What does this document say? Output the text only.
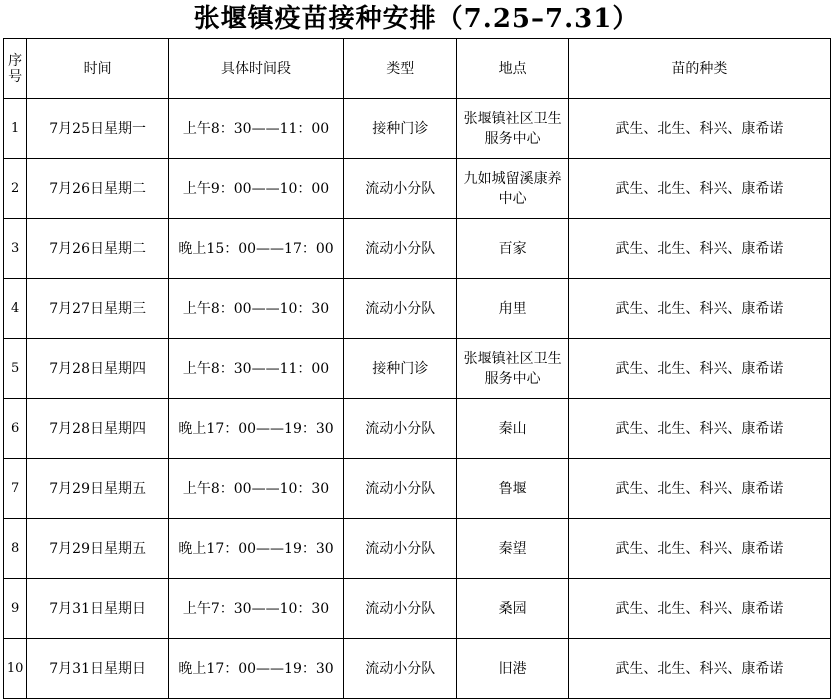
张堰镇疫苗接种安排（7.25–7.31）
序号	时间	具体时间段	类型	地点	苗的种类
1	7月25日星期一	上午8：30——11：00	接种门诊	张堰镇社区卫生服务中心	武生、北生、科兴、康希诺
2	7月26日星期二	上午9：00——10：00	流动小分队	九如城留溪康养中心	武生、北生、科兴、康希诺
3	7月26日星期二	晚上15：00——17：00	流动小分队	百家	武生、北生、科兴、康希诺
4	7月27日星期三	上午8：00——10：30	流动小分队	甪里	武生、北生、科兴、康希诺
5	7月28日星期四	上午8：30——11：00	接种门诊	张堰镇社区卫生服务中心	武生、北生、科兴、康希诺
6	7月28日星期四	晚上17：00——19：30	流动小分队	秦山	武生、北生、科兴、康希诺
7	7月29日星期五	上午8：00——10：30	流动小分队	鲁堰	武生、北生、科兴、康希诺
8	7月29日星期五	晚上17：00——19：30	流动小分队	秦望	武生、北生、科兴、康希诺
9	7月31日星期日	上午7：30——10：30	流动小分队	桑园	武生、北生、科兴、康希诺
10	7月31日星期日	晚上17：00——19：30	流动小分队	旧港	武生、北生、科兴、康希诺
